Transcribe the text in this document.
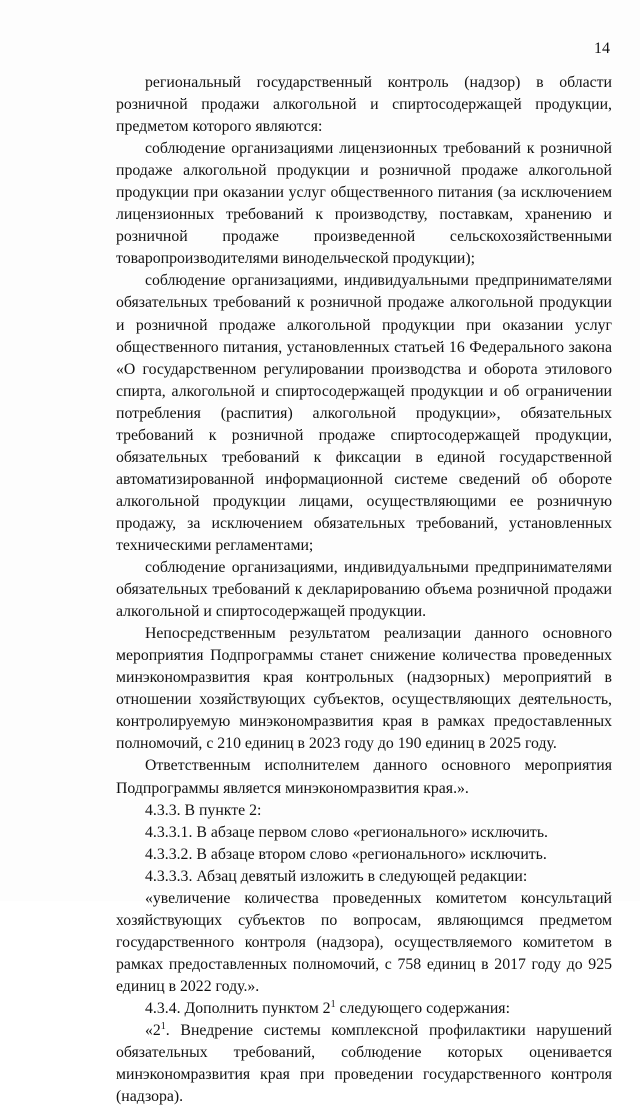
14

региональный государственный контроль (надзор) в области розничной продажи алкогольной и спиртосодержащей продукции, предметом которого являются:

соблюдение организациями лицензионных требований к розничной продаже алкогольной продукции и розничной продаже алкогольной продукции при оказании услуг общественного питания (за исключением лицензионных требований к производству, поставкам, хранению и розничной продаже произведенной сельскохозяйственными товаропроизводителями винодельческой продукции);

соблюдение организациями, индивидуальными предпринимателями обязательных требований к розничной продаже алкогольной продукции и розничной продаже алкогольной продукции при оказании услуг общественного питания, установленных статьей 16 Федерального закона «О государственном регулировании производства и оборота этилового спирта, алкогольной и спиртосодержащей продукции и об ограничении потребления (распития) алкогольной продукции», обязательных требований к розничной продаже спиртосодержащей продукции, обязательных требований к фиксации в единой государственной автоматизированной информационной системе сведений об обороте алкогольной продукции лицами, осуществляющими ее розничную продажу, за исключением обязательных требований, установленных техническими регламентами;

соблюдение организациями, индивидуальными предпринимателями обязательных требований к декларированию объема розничной продажи алкогольной и спиртосодержащей продукции.

Непосредственным результатом реализации данного основного мероприятия Подпрограммы станет снижение количества проведенных минэкономразвития края контрольных (надзорных) мероприятий в отношении хозяйствующих субъектов, осуществляющих деятельность, контролируемую минэкономразвития края в рамках предоставленных полномочий, с 210 единиц в 2023 году до 190 единиц в 2025 году.

Ответственным исполнителем данного основного мероприятия Подпрограммы является минэкономразвития края.».

4.3.3. В пункте 2:

4.3.3.1. В абзаце первом слово «регионального» исключить.

4.3.3.2. В абзаце втором слово «регионального» исключить.

4.3.3.3. Абзац девятый изложить в следующей редакции:

«увеличение количества проведенных комитетом консультаций хозяйствующих субъектов по вопросам, являющимся предметом государственного контроля (надзора), осуществляемого комитетом в рамках предоставленных полномочий, с 758 единиц в 2017 году до 925 единиц в 2022 году.».

4.3.4. Дополнить пунктом $2^1$ следующего содержания:

«$2^1$. Внедрение системы комплексной профилактики нарушений обязательных требований, соблюдение которых оценивается минэкономразвития края при проведении государственного контроля (надзора).
